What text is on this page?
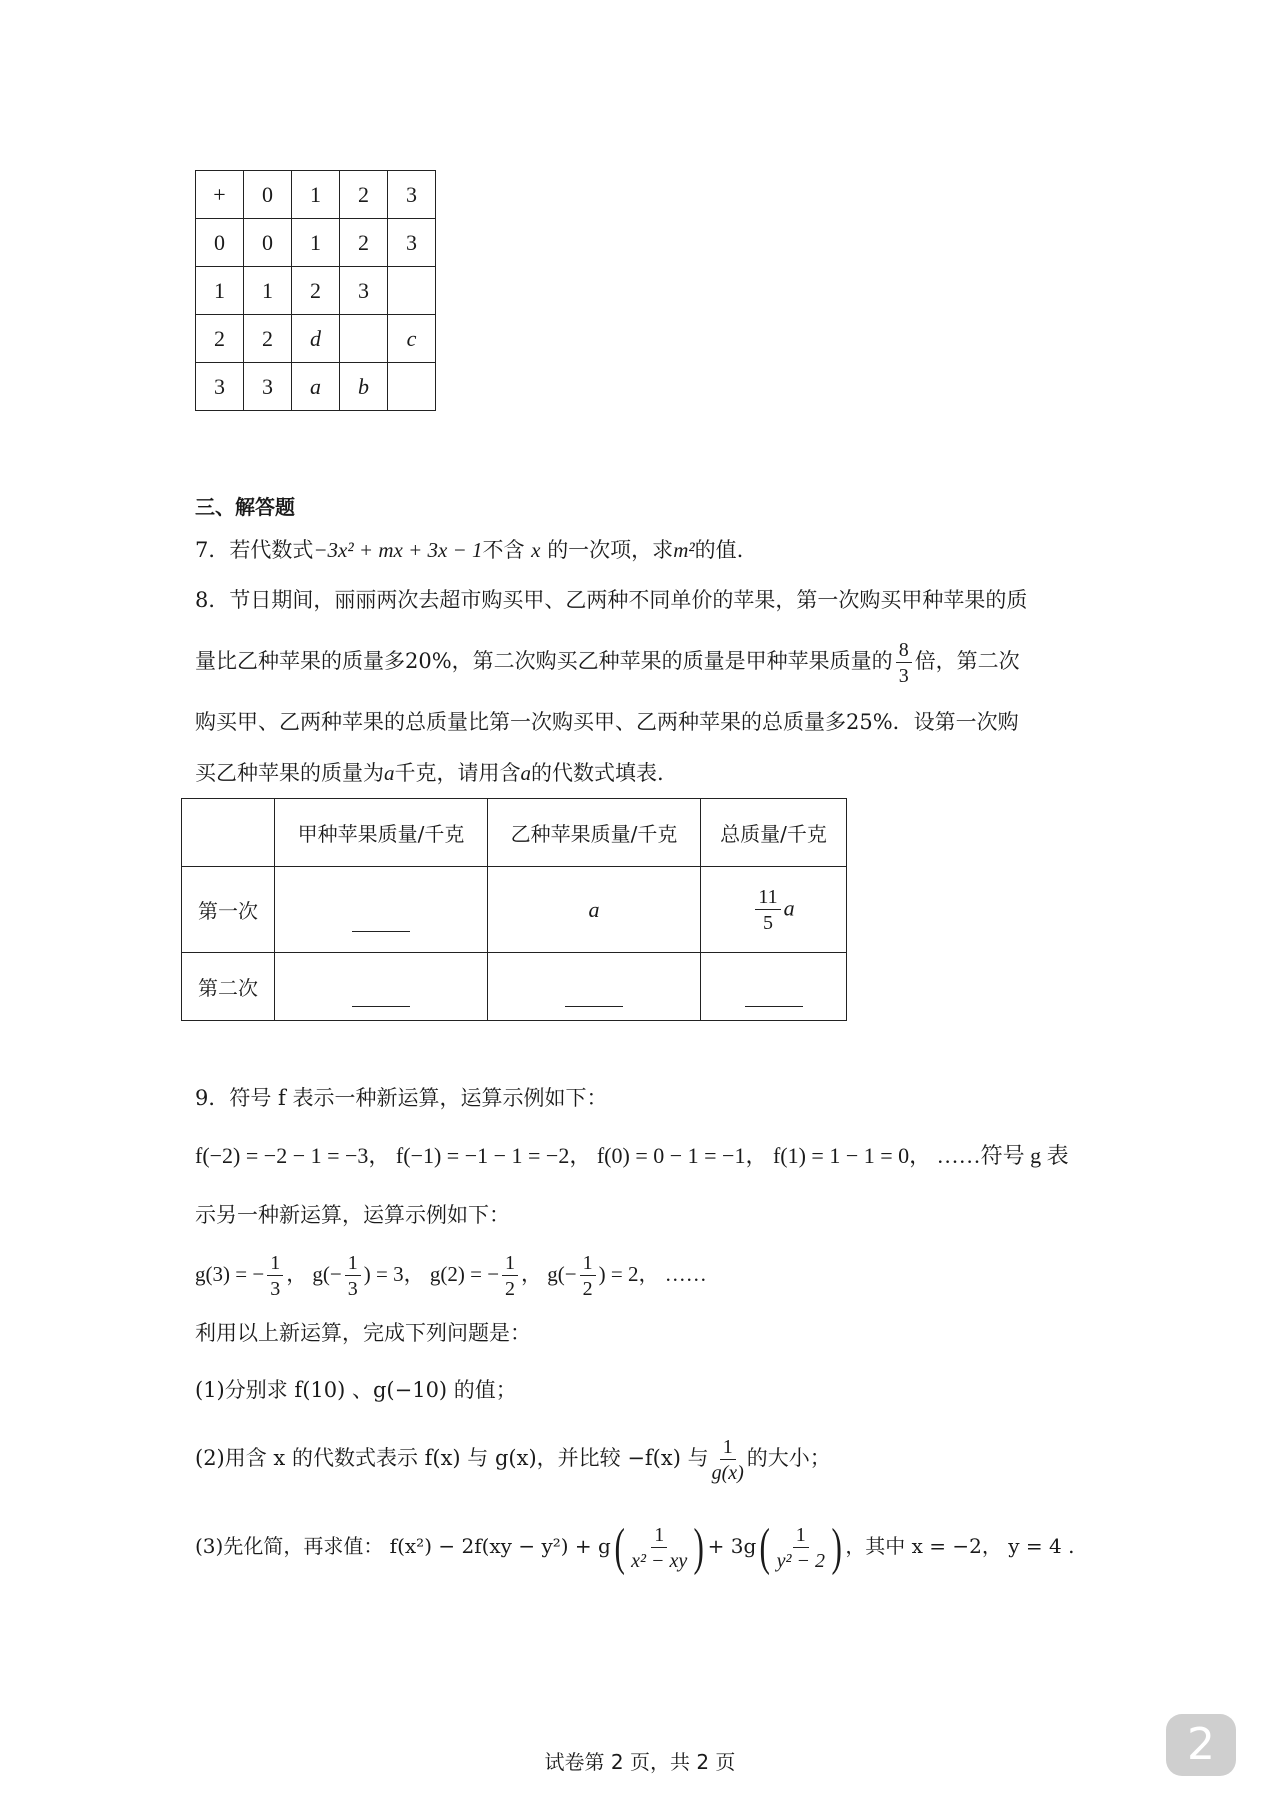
+	0	1	2	3
0	0	1	2	3
1	1	2	3	
2	2	d		c
3	3	a	b	
三、解答题
7．若代数式−3x² + mx + 3x − 1不含 x 的一次项，求m²的值.
8．节日期间，丽丽两次去超市购买甲、乙两种不同单价的苹果，第一次购买甲种苹果的质
量比乙种苹果的质量多20%，第二次购买乙种苹果的质量是甲种苹果质量的 $\frac{8}{3}$ 倍，第二次
购买甲、乙两种苹果的总质量比第一次购买甲、乙两种苹果的总质量多25%．设第一次购
买乙种苹果的质量为a千克，请用含a的代数式填表.
	甲种苹果质量/千克	乙种苹果质量/千克	总质量/千克
第一次		a	$\frac{11}{5}$ a
第二次			
9．符号 f 表示一种新运算，运算示例如下：
f(−2) = −2 − 1 = −3， f(−1) = −1 − 1 = −2， f(0) = 0 − 1 = −1， f(1) = 1 − 1 = 0， ……符号 g 表
示另一种新运算，运算示例如下：
g(3) = − $\frac{1}{3}$ ， $g(- \frac{1}{3}$ ) = 3， g(2) = − $\frac{1}{2}$ ， $g(- \frac{1}{2}$ ) = 2， ……
利用以上新运算，完成下列问题是：
(1)分别求 f(10) 、g(−10) 的值；
(2)用含 x 的代数式表示 f(x) 与 g(x)，并比较 −f(x) 与 $\frac{1}{g(x)}$ 的大小；
(3)先化简，再求值： $f(x^2) - 2f(xy - y^2) + g( \frac{1}{\text{x² − xy}}$ ) + $3g( \frac{1}{\text{y² − 2}}$ ) ，其中 x = −2， y = 4 .
试卷第 2 页，共 2 页	2
